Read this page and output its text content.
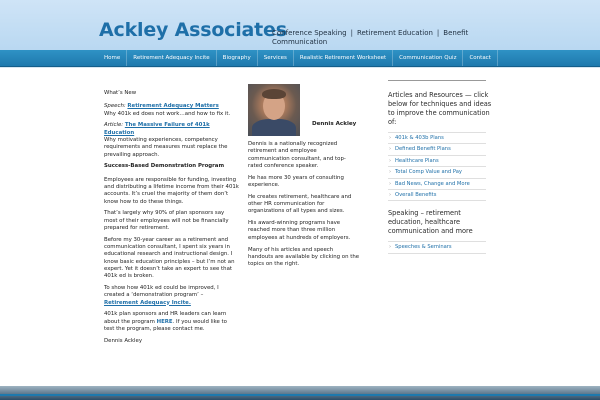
Ackley Associates
Conference Speaking | Retirement Education | Benefit Communication
Home	Retirement Adequacy Incite	Biography	Services	Realistic Retirement Worksheet	Communication Quiz	Contact

What’s New

Speech: Retirement Adequacy Matters
Why 401k ed does not work…and how to fix it.

Article: The Massive Failure of 401k Education
Why motivating experiences, competency requirements and measures must replace the prevailing approach.

Success-Based Demonstration Program

Employees are responsible for funding, investing and distributing a lifetime income from their 401k accounts. It’s cruel the majority of them don’t know how to do these things.

That’s largely why 90% of plan sponsors say most of their employees will not be financially prepared for retirement.

Before my 30-year career as a retirement and communication consultant, I spent six years in educational research and instructional design. I know basic education principles – but I’m not an expert. Yet it doesn’t take an expert to see that 401k ed is broken.

To show how 401k ed could be improved, I created a ‘demonstration program’ – Retirement Adequacy Incite.

401k plan sponsors and HR leaders can learn about the program HERE. If you would like to test the program, please contact me.

Dennis Ackley

Dennis Ackley

Dennis is a nationally recognized retirement and employee communication consultant, and top-rated conference speaker.

He has more 30 years of consulting experience.

He creates retirement, healthcare and other HR communication for organizations of all types and sizes.

His award-winning programs have reached more than three million employees at hundreds of employers.

Many of his articles and speech handouts are available by clicking on the topics on the right.

Articles and Resources — click below for techniques and ideas to improve the communication of:

› 401k & 403b Plans
› Defined Benefit Plans
› Healthcare Plans
› Total Comp Value and Pay
› Bad News, Change and More
› Overall Benefits

Speaking – retirement education, healthcare communication and more

› Speeches & Seminars
